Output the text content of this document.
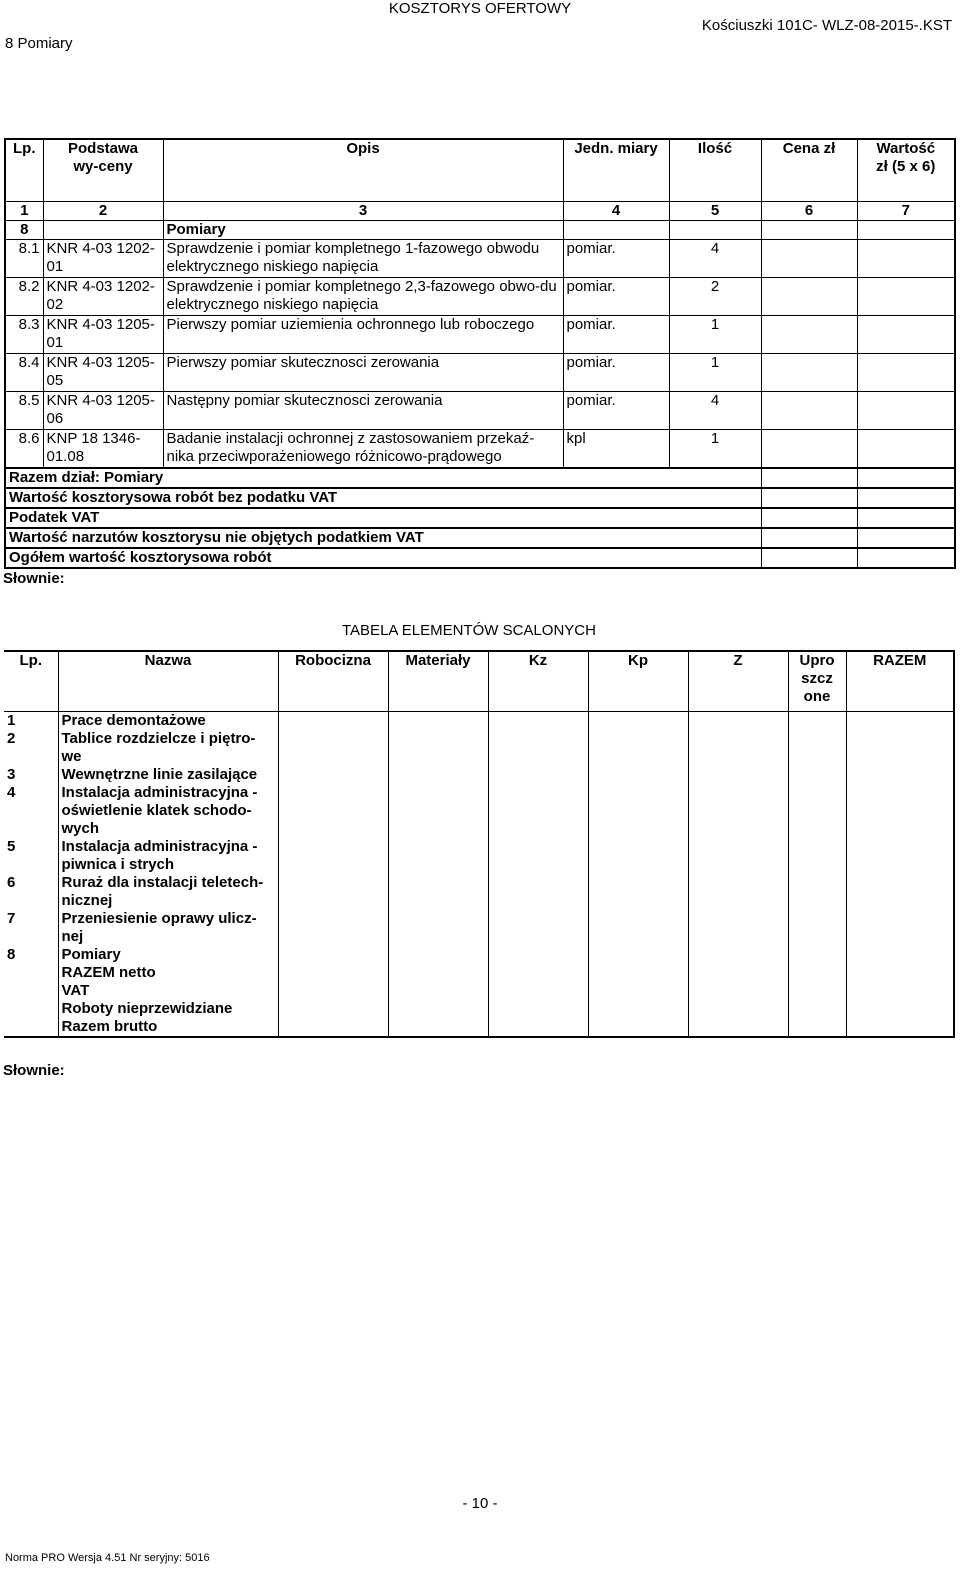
KOSZTORYS OFERTOWY
8 Pomiary
Kościuszki 101C- WLZ-08-2015-.KST
Lp.	Podstawa wy-ceny	Opis	Jedn. miary	Ilość	Cena zł	Wartość zł (5 x 6)
1	2	3	4	5	6	7
8		Pomiary				
8.1	KNR 4-03 1202-01	Sprawdzenie i pomiar kompletnego 1-fazowego obwodu elektrycznego niskiego napięcia	pomiar.	4		
8.2	KNR 4-03 1202-02	Sprawdzenie i pomiar kompletnego 2,3-fazowego obwo-du elektrycznego niskiego napięcia	pomiar.	2		
8.3	KNR 4-03 1205-01	Pierwszy pomiar uziemienia ochronnego lub roboczego	pomiar.	1		
8.4	KNR 4-03 1205-05	Pierwszy pomiar skutecznosci zerowania	pomiar.	1		
8.5	KNR 4-03 1205-06	Następny pomiar skutecznosci zerowania	pomiar.	4		
8.6	KNP 18 1346-01.08	Badanie instalacji ochronnej z zastosowaniem przekaź-nika przeciwporażeniowego różnicowo-prądowego	kpl	1		
Razem dział: Pomiary						
Wartość kosztorysowa robót bez podatku VAT						
Podatek VAT						
Wartość narzutów kosztorysu nie objętych podatkiem VAT						
Ogółem wartość kosztorysowa robót						
Słownie:
TABELA ELEMENTÓW SCALONYCH
Lp.	Nazwa	Robocizna	Materiały	Kz	Kp	Z	Upro szcz one	RAZEM
1	Prace demontażowe							
2	Tablice rozdzielcze i piętro-we							
3	Wewnętrzne linie zasilające							
4	Instalacja administracyjna - oświetlenie klatek schodo-wych							
5	Instalacja administracyjna - piwnica i strych							
6	Ruraż dla instalacji teletech-nicznej							
7	Przeniesienie oprawy ulicz-nej							
8	Pomiary							
	RAZEM netto							
	VAT							
	Roboty nieprzewidziane							
	Razem brutto							
Słownie:
- 10 -
Norma PRO Wersja 4.51 Nr seryjny: 5016
